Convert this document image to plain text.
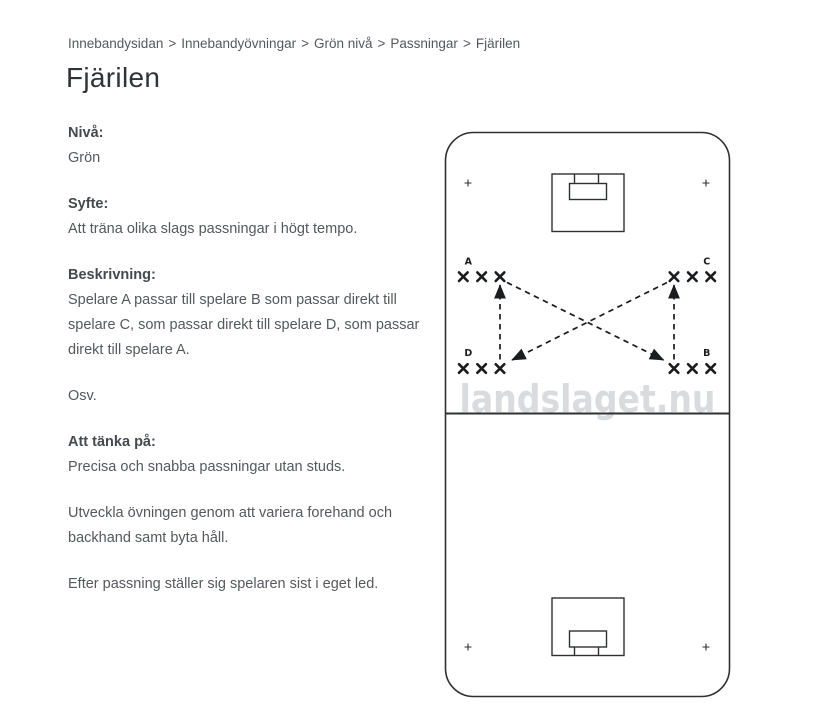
Innebandysidan > Innebandyövningar > Grön nivå > Passningar > Fjärilen
Fjärilen
Nivå:
Grön
Syfte:
Att träna olika slags passningar i högt tempo.
Beskrivning:
Spelare A passar till spelare B som passar direkt till
spelare C, som passar direkt till spelare D, som passar
direkt till spelare A.
Osv.
Att tänka på:
Precisa och snabba passningar utan studs.
Utveckla övningen genom att variera forehand och
backhand samt byta håll.
Efter passning ställer sig spelaren sist i eget led.
landslaget.nu
A	C
D	B
